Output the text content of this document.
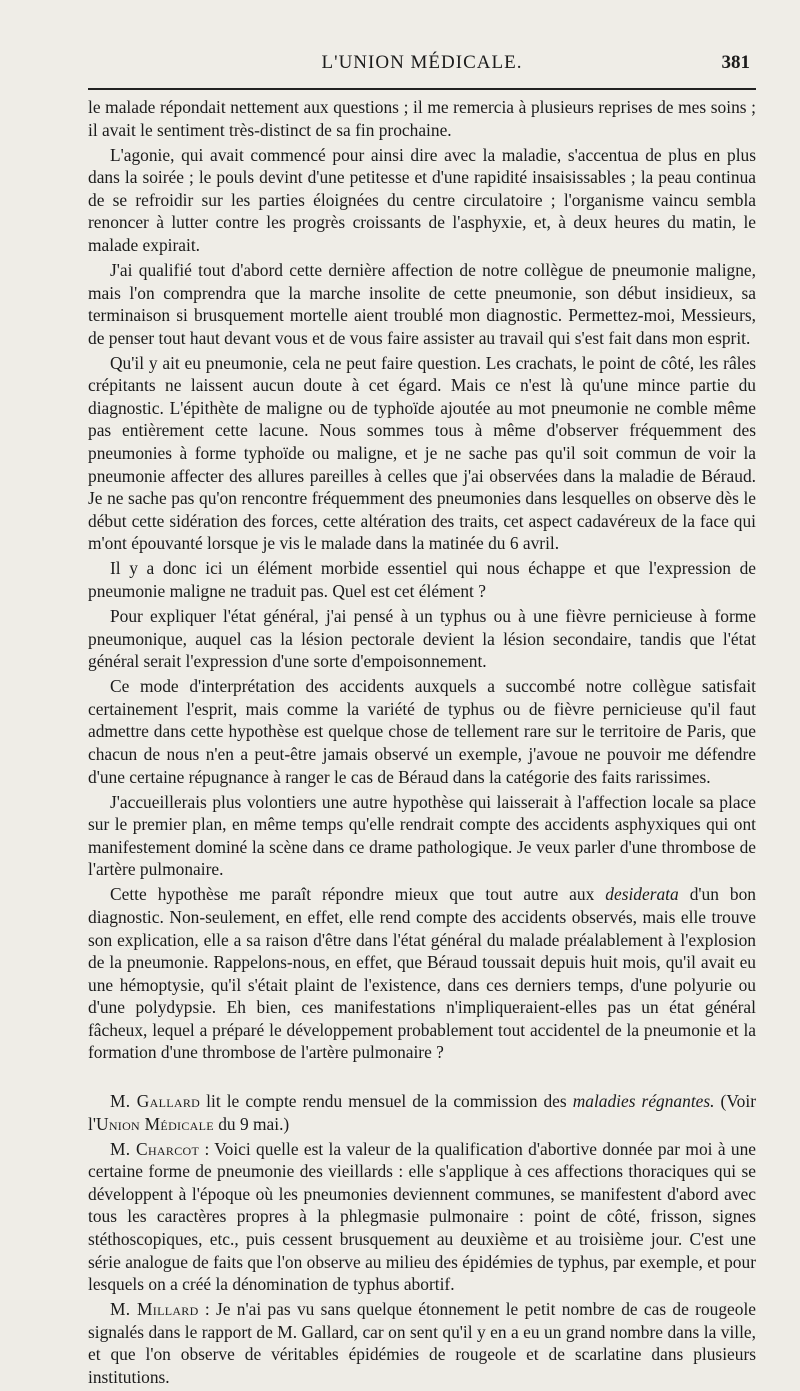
L'UNION MÉDICALE.	381

le malade répondait nettement aux questions ; il me remercia à plusieurs reprises de mes soins ; il avait le sentiment très-distinct de sa fin prochaine.

L'agonie, qui avait commencé pour ainsi dire avec la maladie, s'accentua de plus en plus dans la soirée ; le pouls devint d'une petitesse et d'une rapidité insaisissables ; la peau continua de se refroidir sur les parties éloignées du centre circulatoire ; l'organisme vaincu sembla renoncer à lutter contre les progrès croissants de l'asphyxie, et, à deux heures du matin, le malade expirait.

J'ai qualifié tout d'abord cette dernière affection de notre collègue de pneumonie maligne, mais l'on comprendra que la marche insolite de cette pneumonie, son début insidieux, sa terminaison si brusquement mortelle aient troublé mon diagnostic. Permettez-moi, Messieurs, de penser tout haut devant vous et de vous faire assister au travail qui s'est fait dans mon esprit.

Qu'il y ait eu pneumonie, cela ne peut faire question. Les crachats, le point de côté, les râles crépitants ne laissent aucun doute à cet égard. Mais ce n'est là qu'une mince partie du diagnostic. L'épithète de maligne ou de typhoïde ajoutée au mot pneumonie ne comble même pas entièrement cette lacune. Nous sommes tous à même d'observer fréquemment des pneumonies à forme typhoïde ou maligne, et je ne sache pas qu'il soit commun de voir la pneumonie affecter des allures pareilles à celles que j'ai observées dans la maladie de Béraud. Je ne sache pas qu'on rencontre fréquemment des pneumonies dans lesquelles on observe dès le début cette sidération des forces, cette altération des traits, cet aspect cadavéreux de la face qui m'ont épouvanté lorsque je vis le malade dans la matinée du 6 avril.

Il y a donc ici un élément morbide essentiel qui nous échappe et que l'expression de pneumonie maligne ne traduit pas. Quel est cet élément ?

Pour expliquer l'état général, j'ai pensé à un typhus ou à une fièvre pernicieuse à forme pneumonique, auquel cas la lésion pectorale devient la lésion secondaire, tandis que l'état général serait l'expression d'une sorte d'empoisonnement.

Ce mode d'interprétation des accidents auxquels a succombé notre collègue satisfait certainement l'esprit, mais comme la variété de typhus ou de fièvre pernicieuse qu'il faut admettre dans cette hypothèse est quelque chose de tellement rare sur le territoire de Paris, que chacun de nous n'en a peut-être jamais observé un exemple, j'avoue ne pouvoir me défendre d'une certaine répugnance à ranger le cas de Béraud dans la catégorie des faits rarissimes.

J'accueillerais plus volontiers une autre hypothèse qui laisserait à l'affection locale sa place sur le premier plan, en même temps qu'elle rendrait compte des accidents asphyxiques qui ont manifestement dominé la scène dans ce drame pathologique. Je veux parler d'une thrombose de l'artère pulmonaire.

Cette hypothèse me paraît répondre mieux que tout autre aux desiderata d'un bon diagnostic. Non-seulement, en effet, elle rend compte des accidents observés, mais elle trouve son explication, elle a sa raison d'être dans l'état général du malade préalablement à l'explosion de la pneumonie. Rappelons-nous, en effet, que Béraud toussait depuis huit mois, qu'il avait eu une hémoptysie, qu'il s'était plaint de l'existence, dans ces derniers temps, d'une polyurie ou d'une polydypsie. Eh bien, ces manifestations n'impliqueraient-elles pas un état général fâcheux, lequel a préparé le développement probablement tout accidentel de la pneumonie et la formation d'une thrombose de l'artère pulmonaire ?

M. Gallard lit le compte rendu mensuel de la commission des maladies régnantes. (Voir l'Union Médicale du 9 mai.)

M. Charcot : Voici quelle est la valeur de la qualification d'abortive donnée par moi à une certaine forme de pneumonie des vieillards : elle s'applique à ces affections thoraciques qui se développent à l'époque où les pneumonies deviennent communes, se manifestent d'abord avec tous les caractères propres à la phlegmasie pulmonaire : point de côté, frisson, signes stéthoscopiques, etc., puis cessent brusquement au deuxième et au troisième jour. C'est une série analogue de faits que l'on observe au milieu des épidémies de typhus, par exemple, et pour lesquels on a créé la dénomination de typhus abortif.

M. Millard : Je n'ai pas vu sans quelque étonnement le petit nombre de cas de rougeole signalés dans le rapport de M. Gallard, car on sent qu'il y en a eu un grand nombre dans la ville, et que l'on observe de véritables épidémies de rougeole et de scarlatine dans plusieurs institutions.
